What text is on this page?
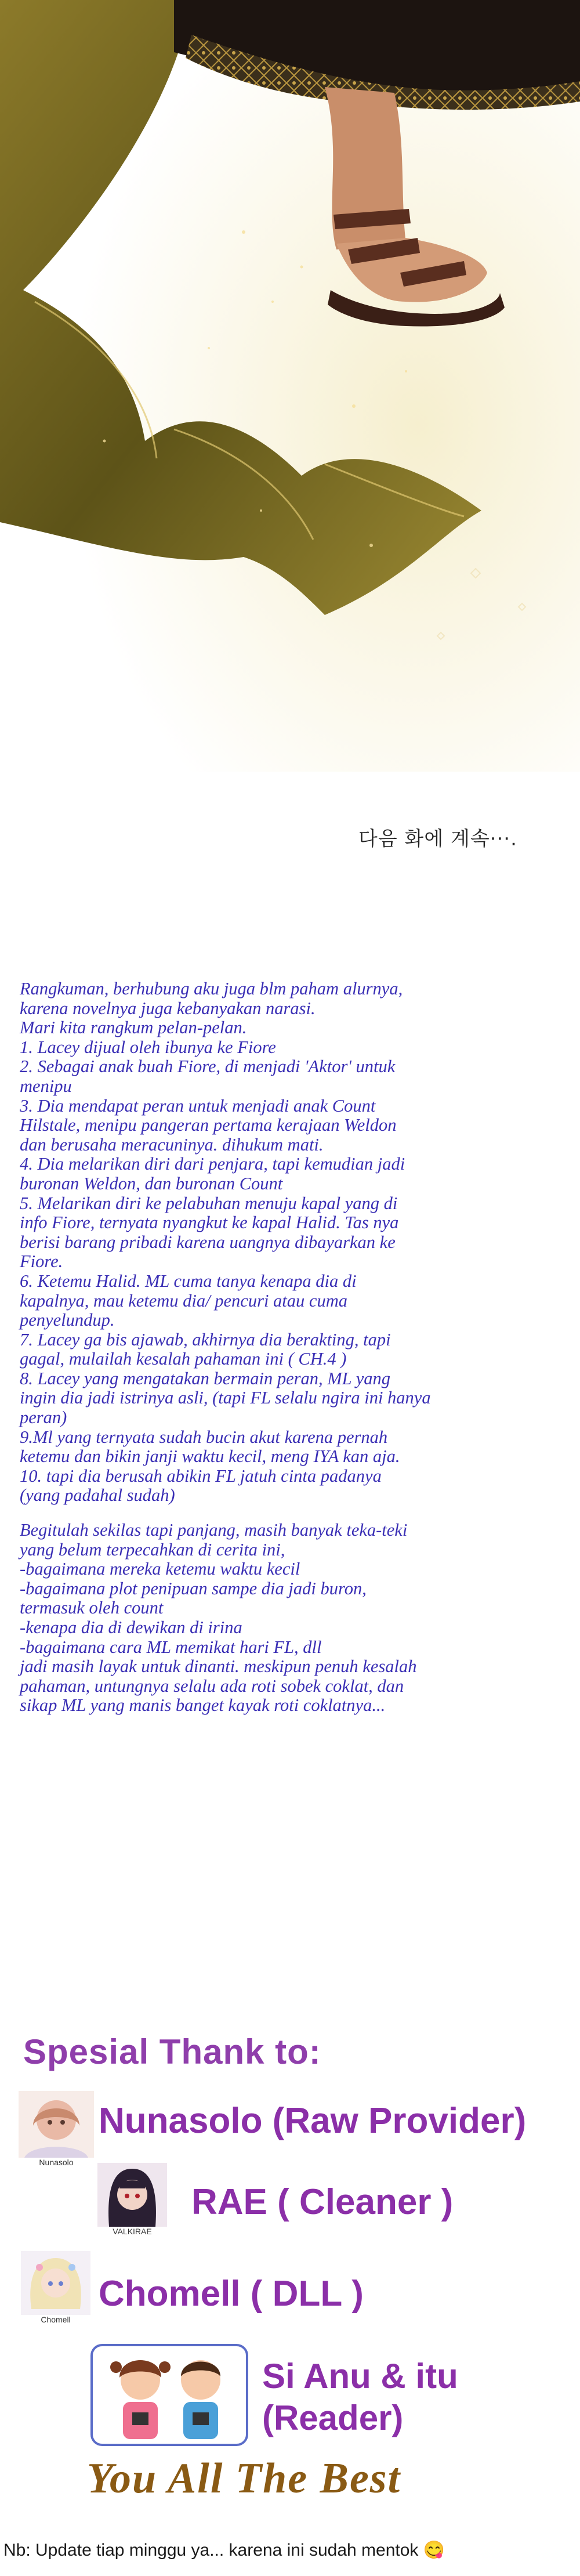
다음 화에 계속···.
Rangkuman, berhubung aku juga blm paham alurnya,
karena novelnya juga kebanyakan narasi.
Mari kita rangkum pelan-pelan.
1. Lacey dijual oleh ibunya ke Fiore
2. Sebagai anak buah Fiore, di menjadi 'Aktor' untuk
menipu
3. Dia mendapat peran untuk menjadi anak Count
Hilstale, menipu pangeran pertama kerajaan Weldon
dan berusaha meracuninya. dihukum mati.
4. Dia melarikan diri dari penjara, tapi kemudian jadi
buronan Weldon, dan buronan Count
5. Melarikan diri ke pelabuhan menuju kapal yang di
info Fiore, ternyata nyangkut ke kapal Halid. Tas nya
berisi barang pribadi karena uangnya dibayarkan ke
Fiore.
6. Ketemu Halid. ML cuma tanya kenapa dia di
kapalnya, mau ketemu dia/ pencuri atau cuma
penyelundup.
7. Lacey ga bis ajawab, akhirnya dia berakting, tapi
gagal, mulailah kesalah pahaman ini ( CH.4 )
8. Lacey yang mengatakan bermain peran, ML yang
ingin dia jadi istrinya asli, (tapi FL selalu ngira ini hanya
peran)
9.Ml yang ternyata sudah bucin akut karena pernah
ketemu dan bikin janji waktu kecil, meng IYA kan aja.
10. tapi dia berusah abikin FL jatuh cinta padanya
(yang padahal sudah)
Begitulah sekilas tapi panjang, masih banyak teka-teki
yang belum terpecahkan di cerita ini,
-bagaimana mereka ketemu waktu kecil
-bagaimana plot penipuan sampe dia jadi buron,
termasuk oleh count
-kenapa dia di dewikan di irina
-bagaimana cara ML memikat hari FL, dll
jadi masih layak untuk dinanti. meskipun penuh kesalah
pahaman, untungnya selalu ada roti sobek coklat, dan
sikap ML yang manis banget kayak roti coklatnya...
Spesial Thank to:
Nunasolo
Nunasolo (Raw Provider)
VALKIRAE
RAE ( Cleaner )
Chomell
Chomell ( DLL )
Si Anu & itu
(Reader)
You All The Best
Nb: Update tiap minggu ya... karena ini sudah mentok 😋
